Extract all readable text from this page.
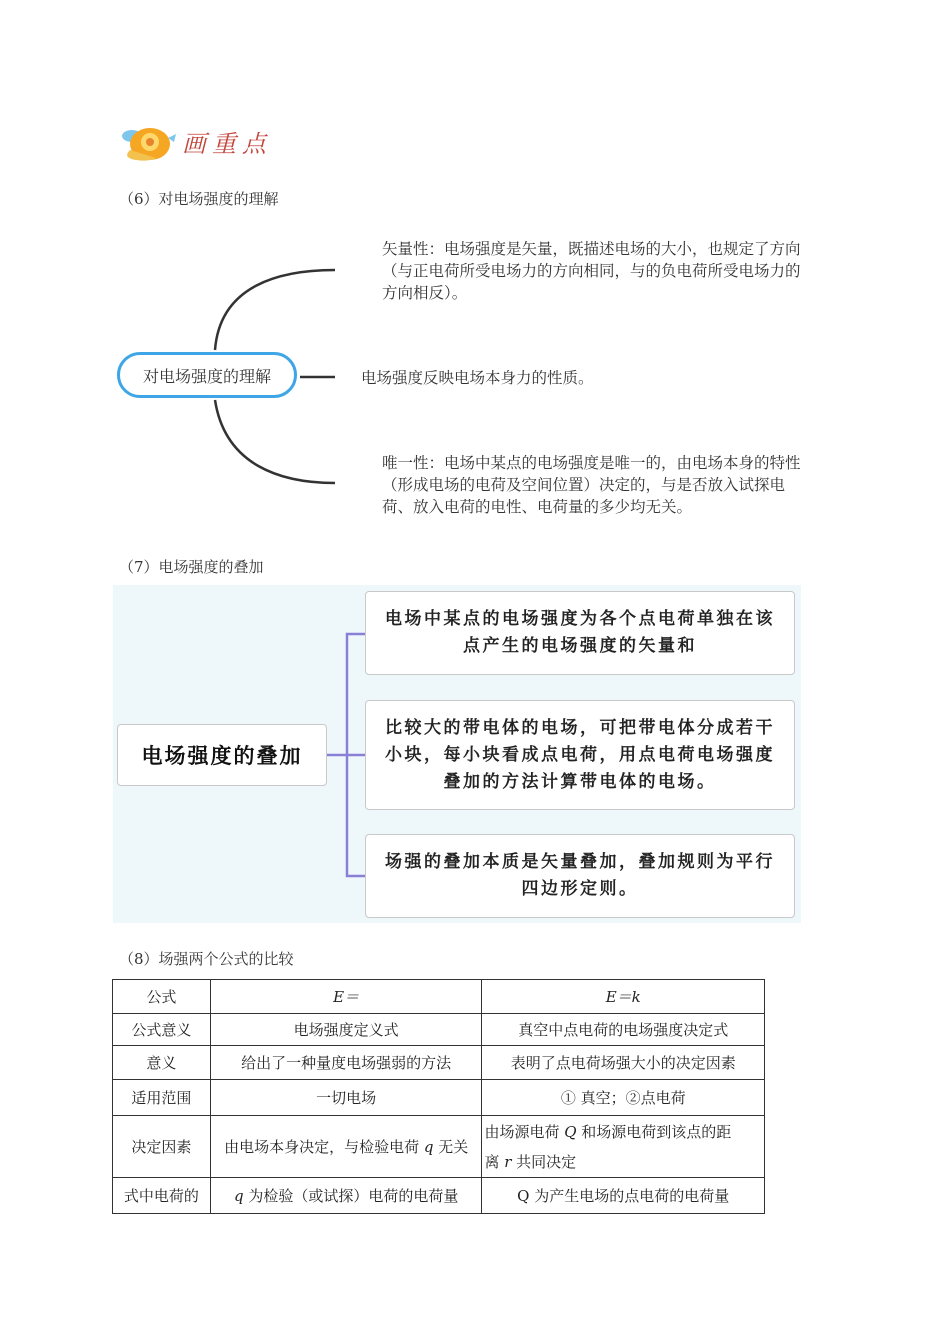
画重点
（6）对电场强度的理解
对电场强度的理解
矢量性：电场强度是矢量，既描述电场的大小，也规定了方向
（与正电荷所受电场力的方向相同，与的负电荷所受电场力的
方向相反）。
电场强度反映电场本身力的性质。
唯一性：电场中某点的电场强度是唯一的，由电场本身的特性
（形成电场的电荷及空间位置）决定的，与是否放入试探电
荷、放入电荷的电性、电荷量的多少均无关。
（7）电场强度的叠加
电场强度的叠加
电场中某点的电场强度为各个点电荷单独在该
点产生的电场强度的矢量和
比较大的带电体的电场，可把带电体分成若干
小块，每小块看成点电荷，用点电荷电场强度
叠加的方法计算带电体的电场。
场强的叠加本质是矢量叠加，叠加规则为平行
四边形定则。
（8）场强两个公式的比较
公式	E＝	E＝k
公式意义	电场强度定义式	真空中点电荷的电场强度决定式
意义	给出了一种量度电场强弱的方法	表明了点电荷场强大小的决定因素
适用范围	一切电场	① 真空；②点电荷
决定因素	由电场本身决定，与检验电荷 q 无关	由场源电荷 Q 和场源电荷到该点的距
离 r 共同决定

式中电荷的	q 为检验（或试探）电荷的电荷量	Q 为产生电场的点电荷的电荷量
